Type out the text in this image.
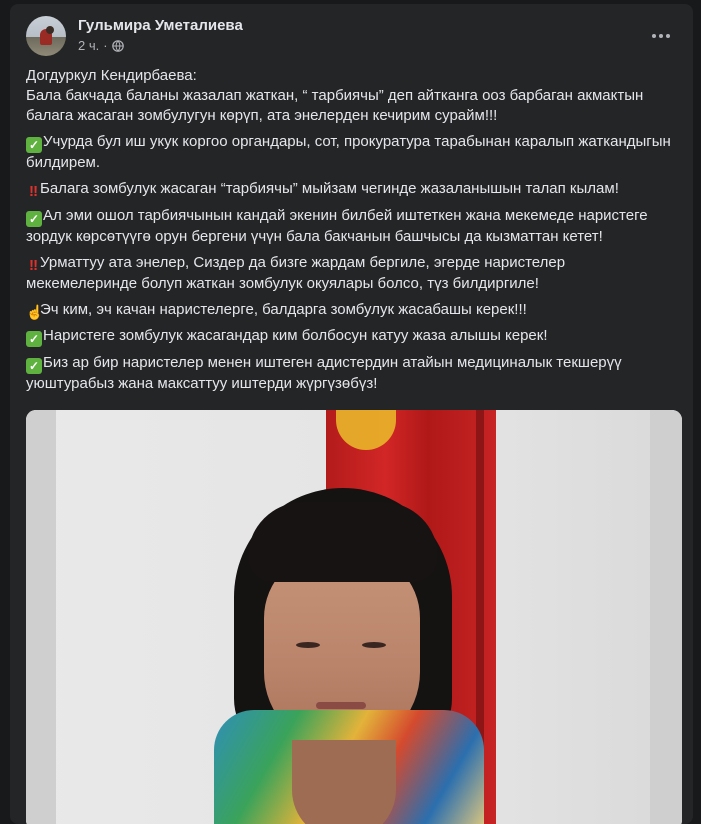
Гульмира Уметалиева
2 ч. ·

Догдуркул Кендирбаева:
Бала бакчада баланы жазалап жаткан, “ тарбиячы” деп айтканга ооз барбаган акмактын балага жасаган зомбулугун көрүп, ата энелерден кечирим сурайм!!!

✓ Учурда бул иш укук коргоо органдары, сот, прокуратура тарабынан каралып жаткандыгын билдирем.

‼ Балага зомбулук жасаган “тарбиячы” мыйзам чегинде жазаланышын талап кылам!

✓ Ал эми ошол тарбиячынын кандай экенин билбей иштеткен жана мекемеде наристеге зордук көрсөтүүгө орун бергени үчүн бала бакчанын башчысы да кызматтан кетет!

‼ Урматтуу ата энелер, Сиздер да бизге жардам бергиле, эгерде наристелер мекемелеринде болуп жаткан зомбулук окуялары болсо, түз билдиргиле!

☝Эч ким, эч качан наристелерге, балдарга зомбулук жасабашы керек!!!

✓ Наристеге зомбулук жасагандар ким болбосун катуу жаза алышы керек!

✓ Биз ар бир наристелер менен иштеген адистердин атайын медициналык текшерүү уюштурабыз жана максаттуу иштерди жүргүзөбүз!
